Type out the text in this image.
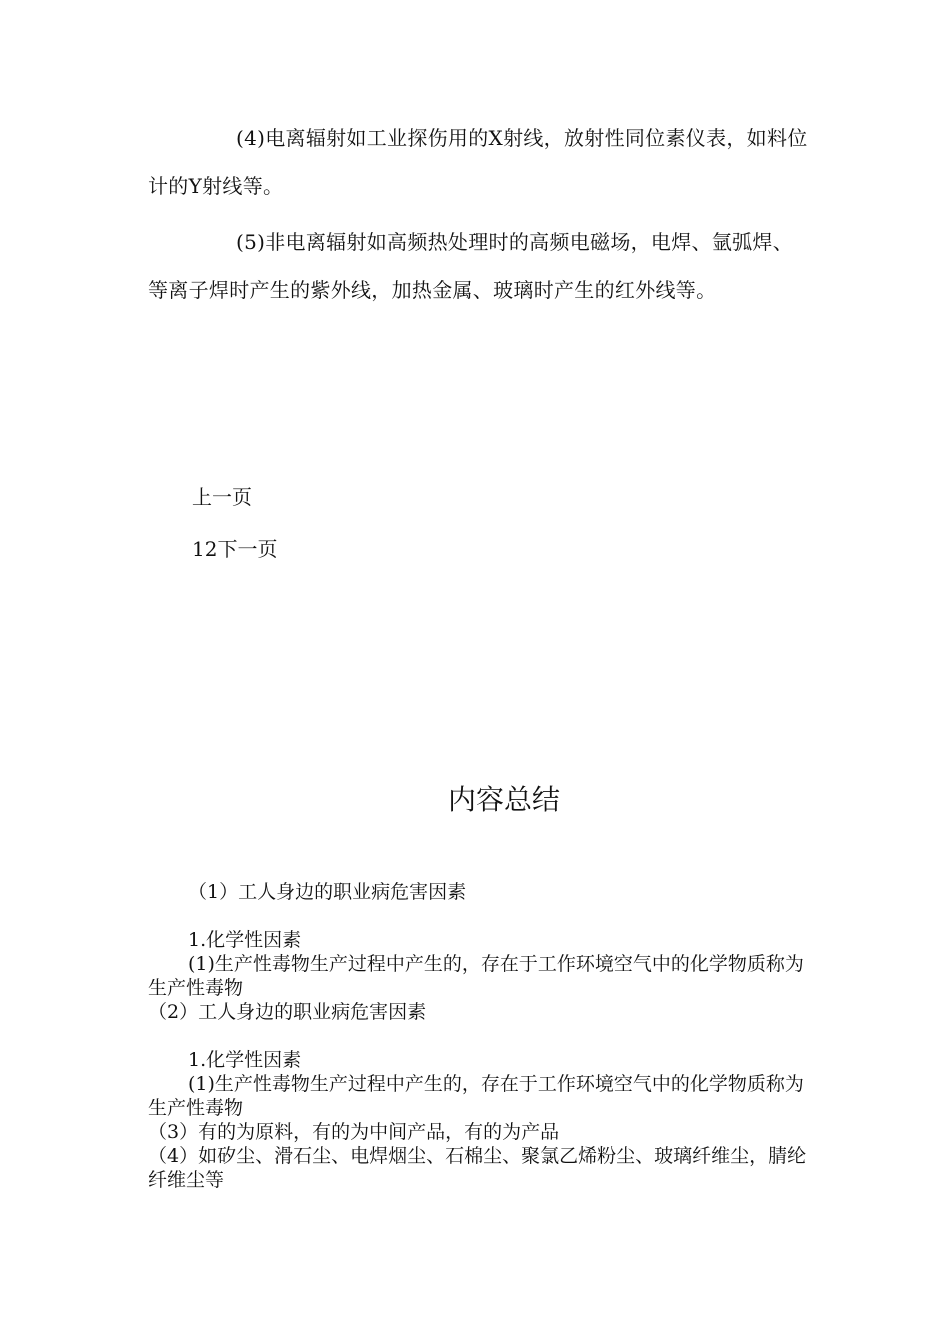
(4)电离辐射如工业探伤用的X射线，放射性同位素仪表，如料位计的Y射线等。

(5)非电离辐射如高频热处理时的高频电磁场，电焊、氩弧焊、等离子焊时产生的紫外线，加热金属、玻璃时产生的红外线等。

上一页

12下一页

内容总结
（1）工人身边的职业病危害因素
1.化学性因素
(1)生产性毒物生产过程中产生的，存在于工作环境空气中的化学物质称为生产性毒物
（2）工人身边的职业病危害因素
1.化学性因素
(1)生产性毒物生产过程中产生的，存在于工作环境空气中的化学物质称为生产性毒物
（3）有的为原料，有的为中间产品，有的为产品
（4）如矽尘、滑石尘、电焊烟尘、石棉尘、聚氯乙烯粉尘、玻璃纤维尘，腈纶纤维尘等
